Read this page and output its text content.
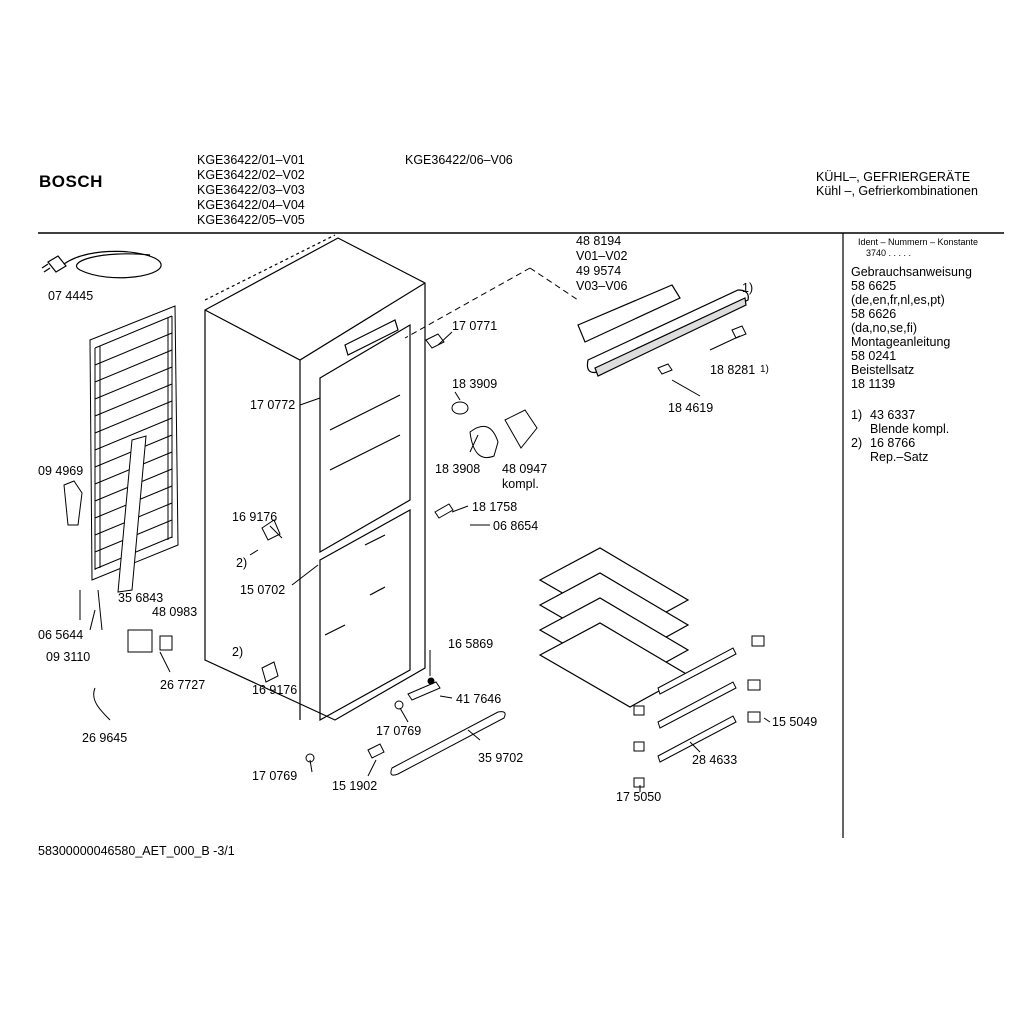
BOSCH
KGE36422/01–V01
KGE36422/02–V02
KGE36422/03–V03
KGE36422/04–V04
KGE36422/05–V05
KGE36422/06–V06
KÜHL–, GEFRIERGERÄTE
Kühl –, Gefrierkombinationen
Ident – Nummern – Konstante
3740 . . . . .
Gebrauchsanweisung
58 6625
(de,en,fr,nl,es,pt)
58 6626
(da,no,se,fi)
Montageanleitung
58 0241
Beistellsatz
18 1139
1) 43 6337
Blende kompl.
2) 16 8766
Rep.–Satz
58300000046580_AET_000_B -3/1
07 4445
48 8194
V01–V02
49 9574
V03–V06	1)
17 0771
18 8281 1)
18 4619
17 0772
18 3909
18 3908 48 0947
kompl.
09 4969
18 1758
06 8654
16 9176
2)
15 0702
35 6843
48 0983
06 5644
09 3110
26 7727
2)
16 9176
16 5869
41 7646
17 0769
26 9645
35 9702
17 0769
15 1902
15 5049
28 4633
17 5050
